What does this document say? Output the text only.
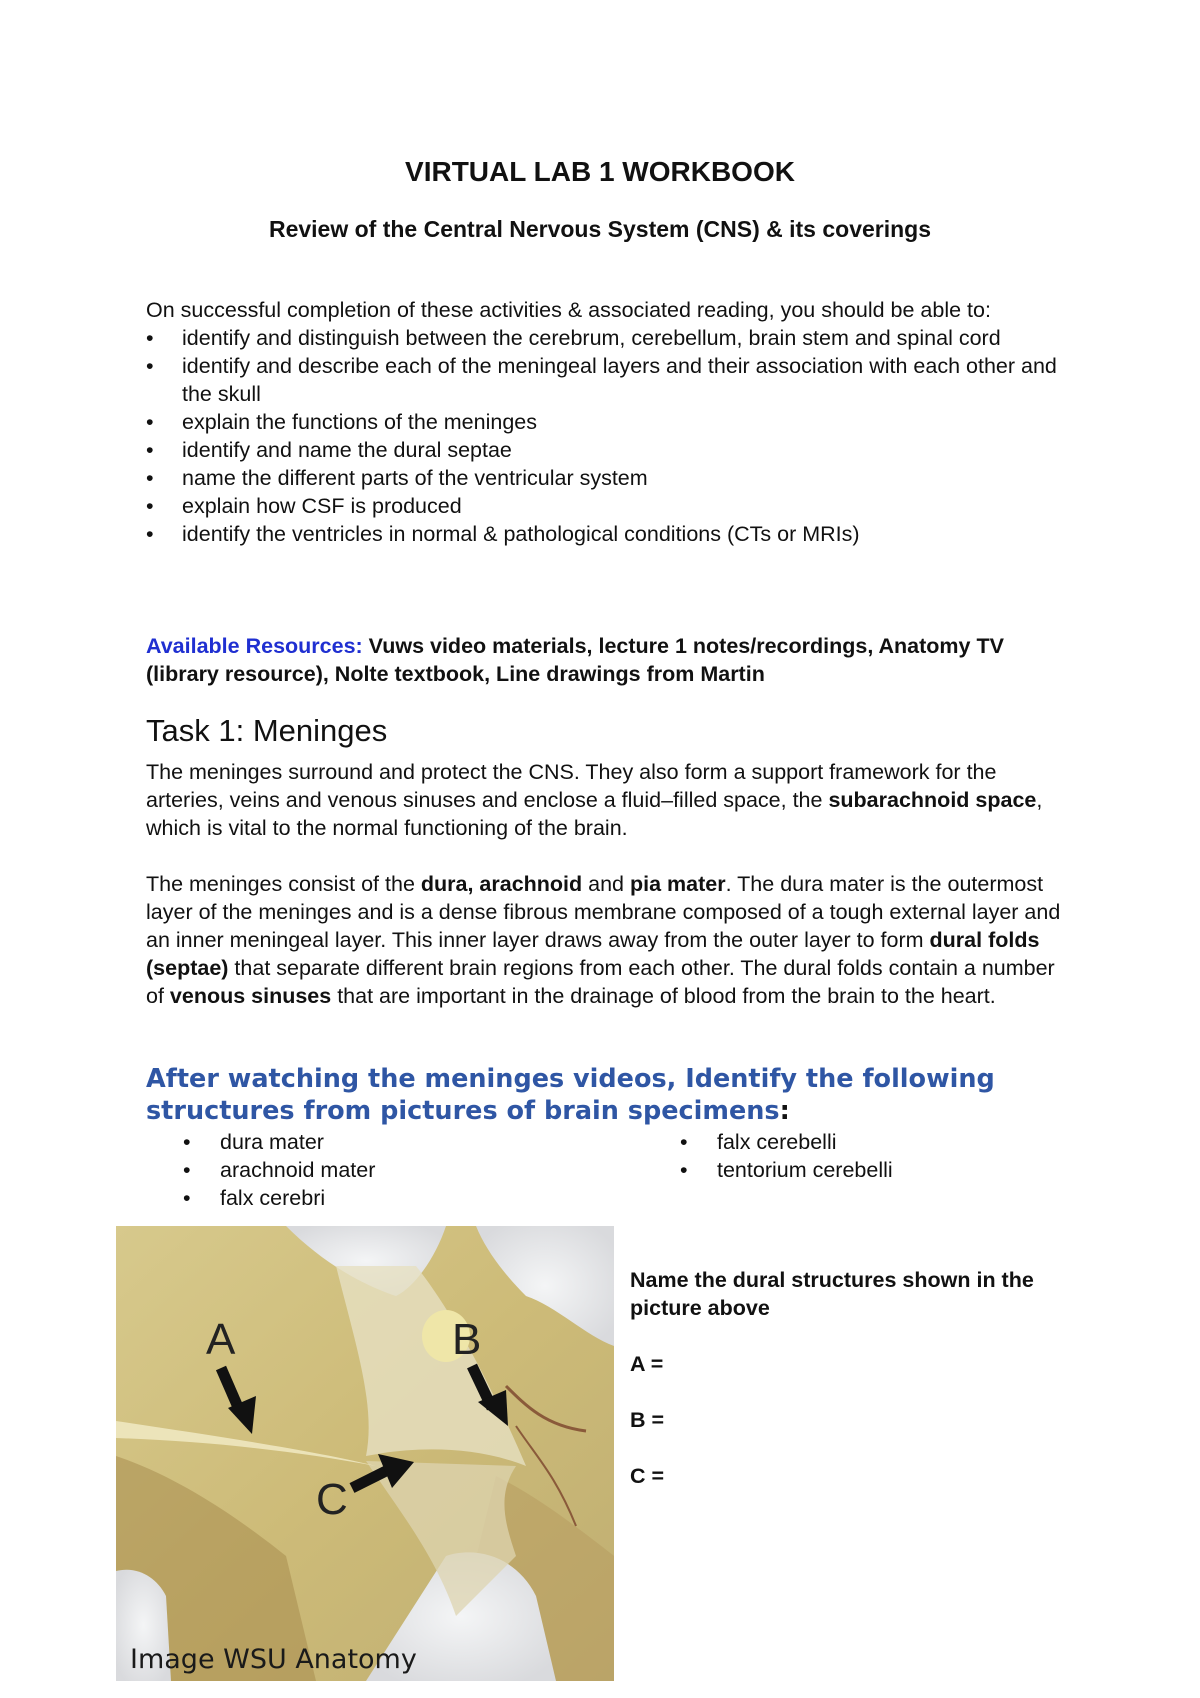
VIRTUAL LAB 1 WORKBOOK
Review of the Central Nervous System (CNS) & its coverings
On successful completion of these activities & associated reading, you should be able to:
• identify and distinguish between the cerebrum, cerebellum, brain stem and spinal cord
• identify and describe each of the meningeal layers and their association with each other and the skull
• explain the functions of the meninges
• identify and name the dural septae
• name the different parts of the ventricular system
• explain how CSF is produced
• identify the ventricles in normal & pathological conditions (CTs or MRIs)
Available Resources: Vuws video materials, lecture 1 notes/recordings, Anatomy TV (library resource), Nolte textbook, Line drawings from Martin
Task 1: Meninges
The meninges surround and protect the CNS. They also form a support framework for the arteries, veins and venous sinuses and enclose a fluid–filled space, the subarachnoid space, which is vital to the normal functioning of the brain.
The meninges consist of the dura, arachnoid and pia mater. The dura mater is the outermost layer of the meninges and is a dense fibrous membrane composed of a tough external layer and an inner meningeal layer. This inner layer draws away from the outer layer to form dural folds (septae) that separate different brain regions from each other. The dural folds contain a number of venous sinuses that are important in the drainage of blood from the brain to the heart.
After watching the meninges videos, Identify the following structures from pictures of brain specimens:
• dura mater
• arachnoid mater
• falx cerebri
• falx cerebelli
• tentorium cerebelli
A	B
C
Image WSU Anatomy
Name the dural structures shown in the picture above
A =
B =
C =
